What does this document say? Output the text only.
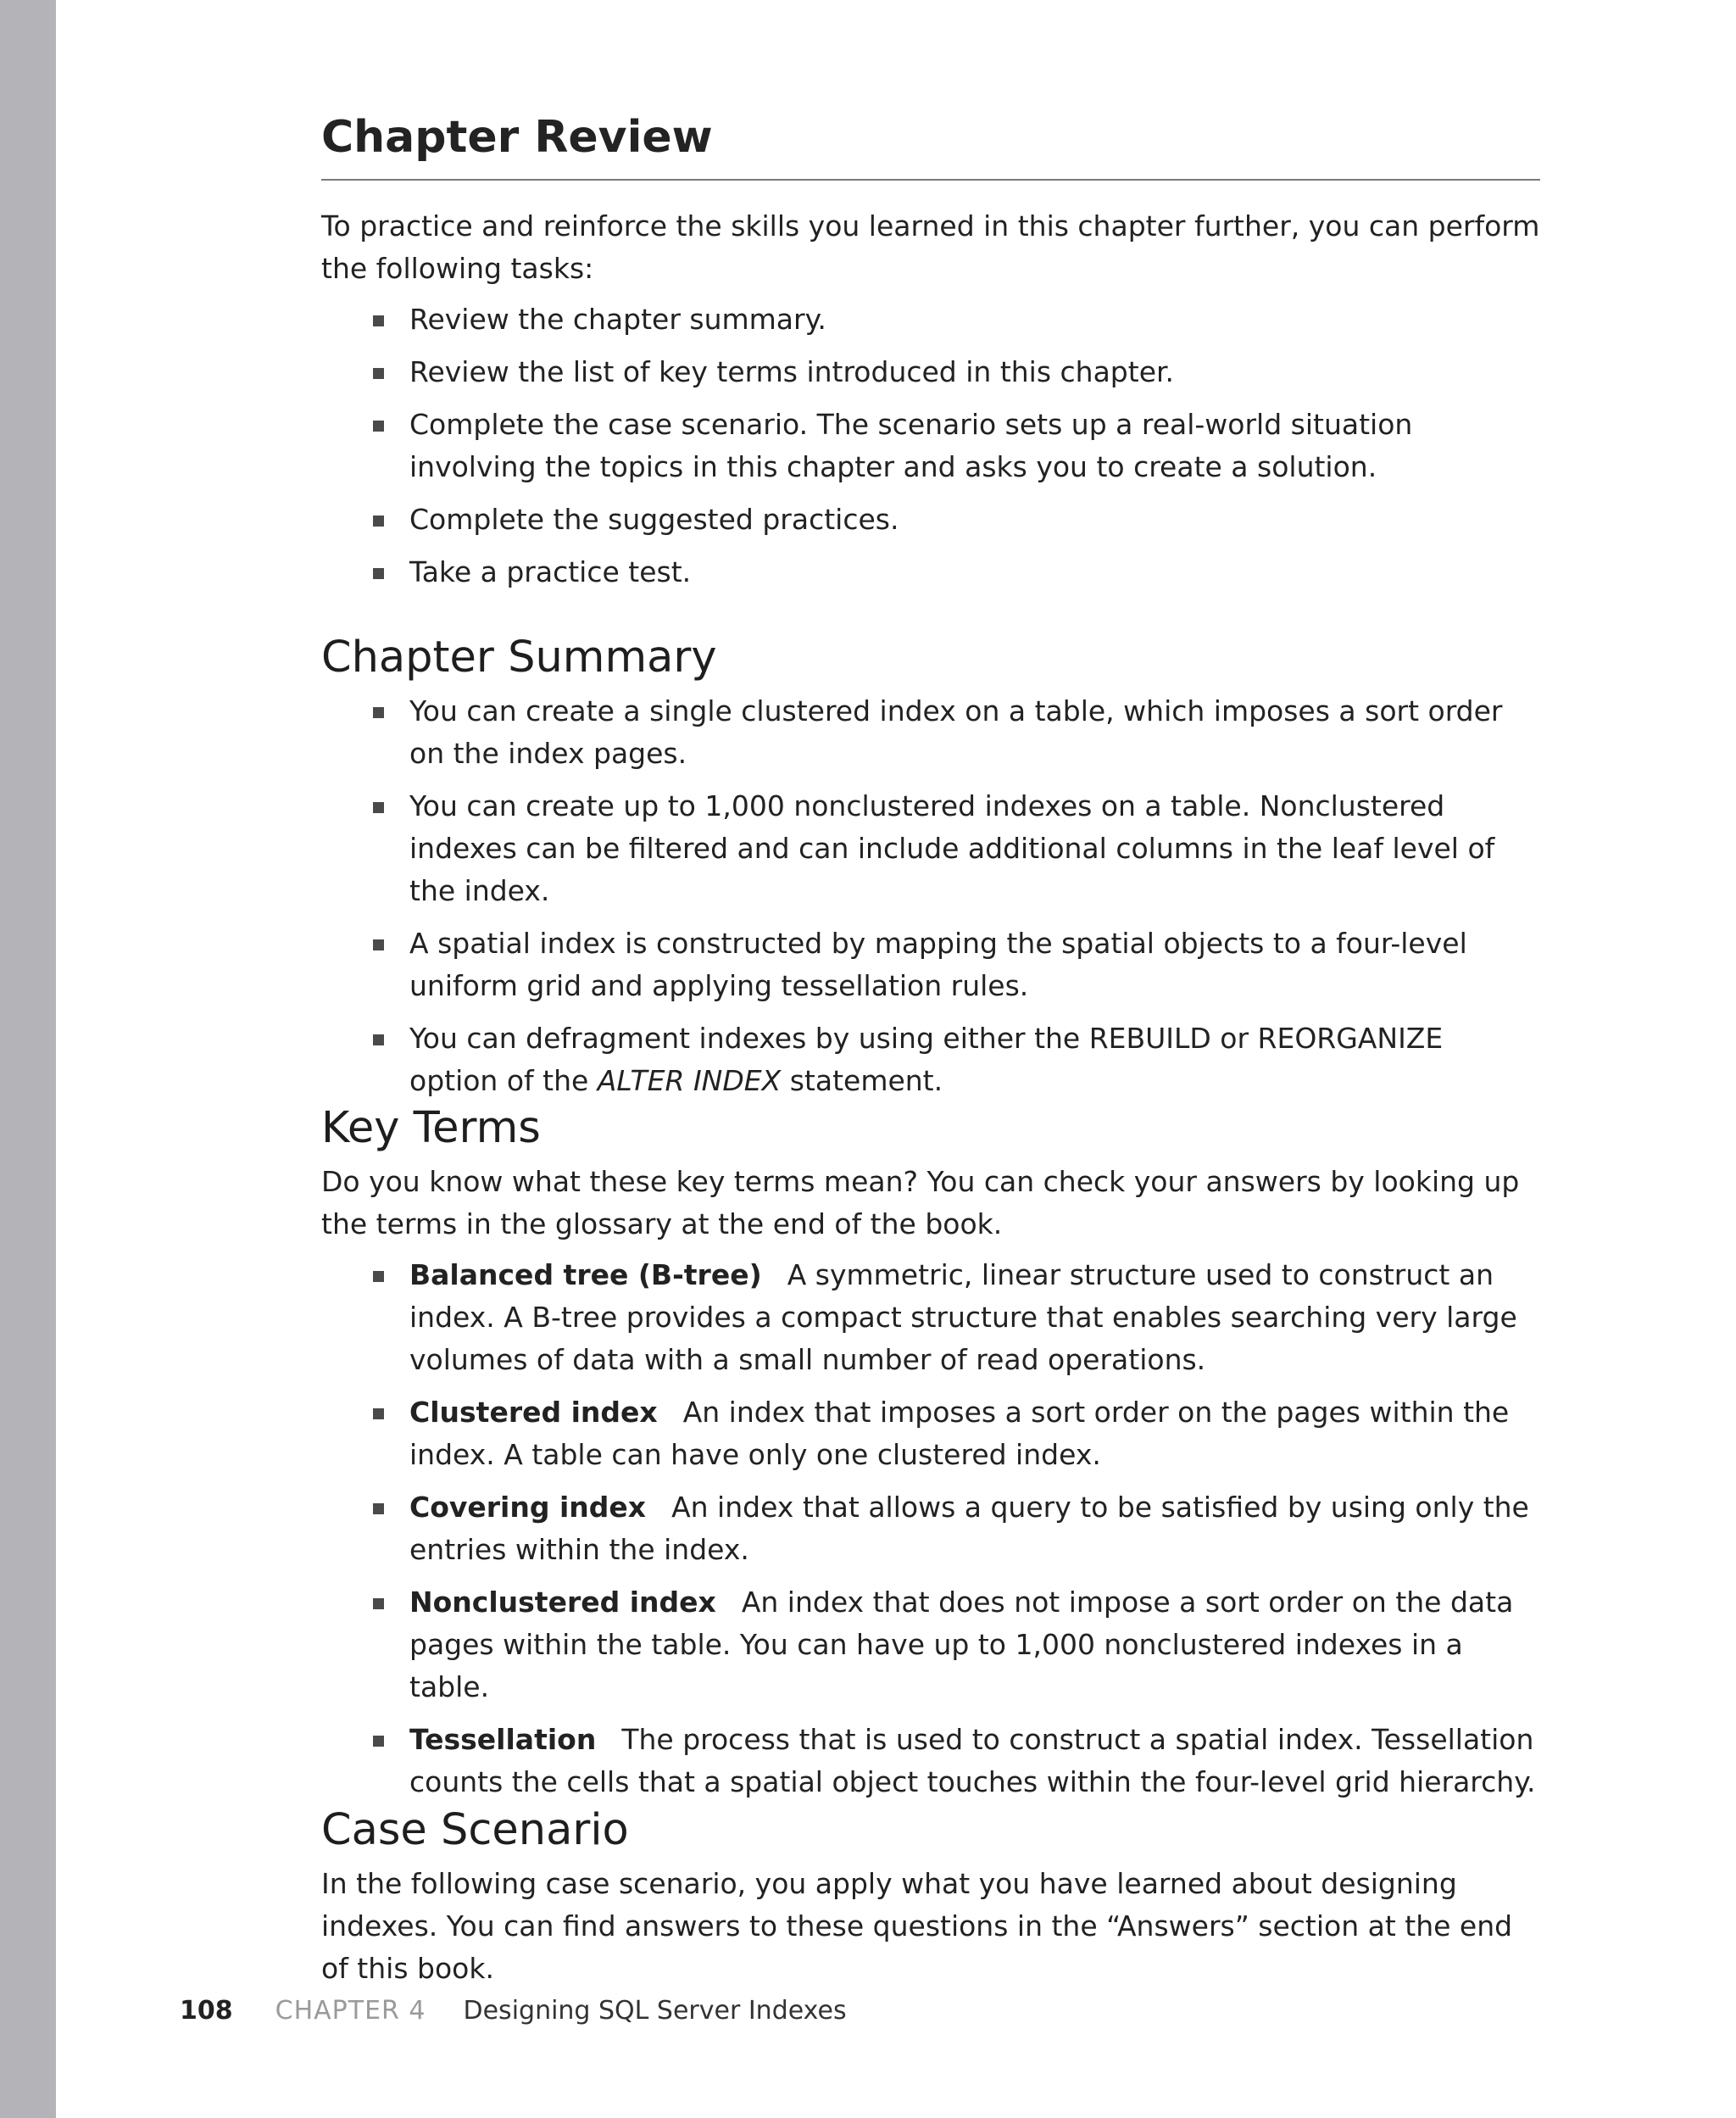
Chapter Review

To practice and reinforce the skills you learned in this chapter further, you can perform the following tasks:

Review the chapter summary.
Review the list of key terms introduced in this chapter.
Complete the case scenario. The scenario sets up a real-world situation involving the topics in this chapter and asks you to create a solution.
Complete the suggested practices.
Take a practice test.
Chapter Summary
You can create a single clustered index on a table, which imposes a sort order on the index pages.
You can create up to 1,000 nonclustered indexes on a table. Nonclustered indexes can be filtered and can include additional columns in the leaf level of the index.
A spatial index is constructed by mapping the spatial objects to a four-level uniform grid and applying tessellation rules.
You can defragment indexes by using either the REBUILD or REORGANIZE option of the ALTER INDEX statement.
Key Terms

Do you know what these key terms mean? You can check your answers by looking up the terms in the glossary at the end of the book.

Balanced tree (B-tree) A symmetric, linear structure used to construct an index. A B-tree provides a compact structure that enables searching very large volumes of data with a small number of read operations.
Clustered index An index that imposes a sort order on the pages within the index. A table can have only one clustered index.
Covering index An index that allows a query to be satisfied by using only the entries within the index.
Nonclustered index An index that does not impose a sort order on the data pages within the table. You can have up to 1,000 nonclustered indexes in a table.
Tessellation The process that is used to construct a spatial index. Tessellation counts the cells that a spatial object touches within the four-level grid hierarchy.
Case Scenario

In the following case scenario, you apply what you have learned about designing indexes. You can find answers to these questions in the “Answers” section at the end of this book.

108 CHAPTER 4 Designing SQL Server Indexes
